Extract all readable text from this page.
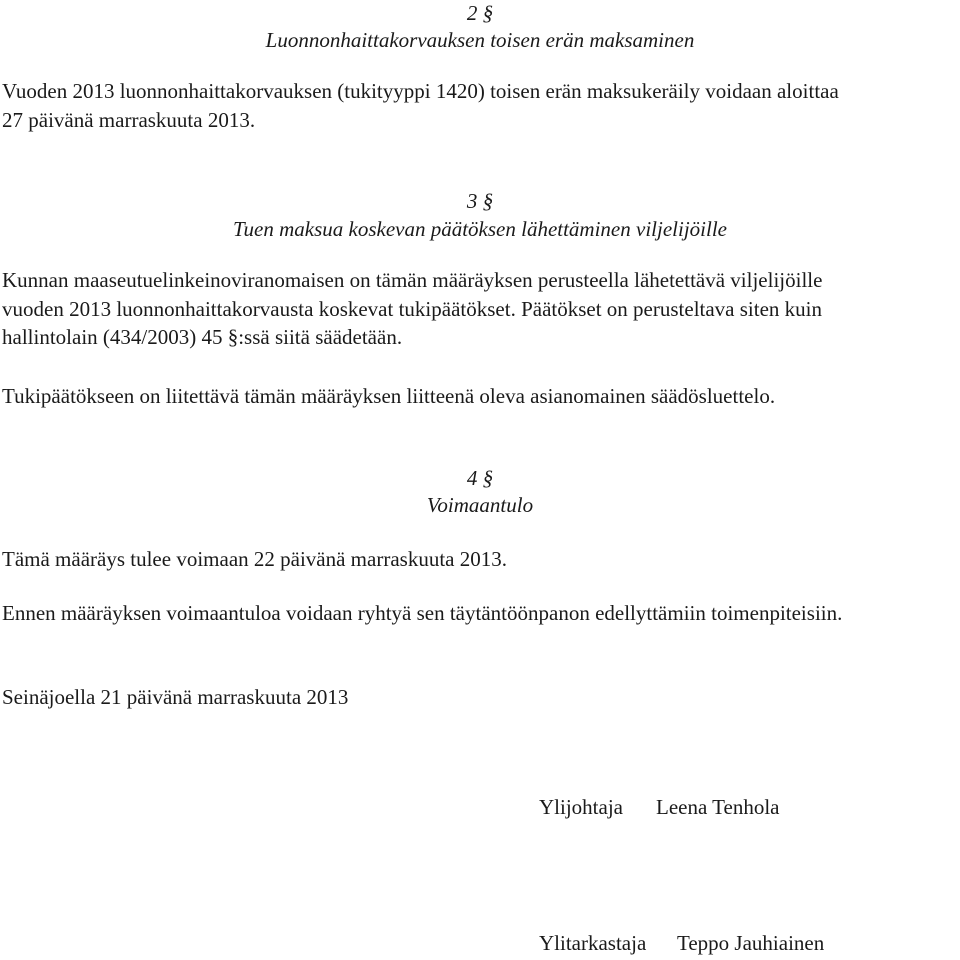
2 §
Luonnonhaittakorvauksen toisen erän maksaminen
Vuoden 2013 luonnonhaittakorvauksen (tukityyppi 1420) toisen erän maksukeräily voidaan aloittaa
27 päivänä marraskuuta 2013.
3 §
Tuen maksua koskevan päätöksen lähettäminen viljelijöille
Kunnan maaseutuelinkeinoviranomaisen on tämän määräyksen perusteella lähetettävä viljelijöille
vuoden 2013 luonnonhaittakorvausta koskevat tukipäätökset. Päätökset on perusteltava siten kuin
hallintolain (434/2003) 45 §:ssä siitä säädetään.
Tukipäätökseen on liitettävä tämän määräyksen liitteenä oleva asianomainen säädösluettelo.
4 §
Voimaantulo
Tämä määräys tulee voimaan 22 päivänä marraskuuta 2013.
Ennen määräyksen voimaantuloa voidaan ryhtyä sen täytäntöönpanon edellyttämiin toimenpiteisiin.
Seinäjoella 21 päivänä marraskuuta 2013
Ylijohtaja Leena Tenhola
Ylitarkastaja Teppo Jauhiainen
